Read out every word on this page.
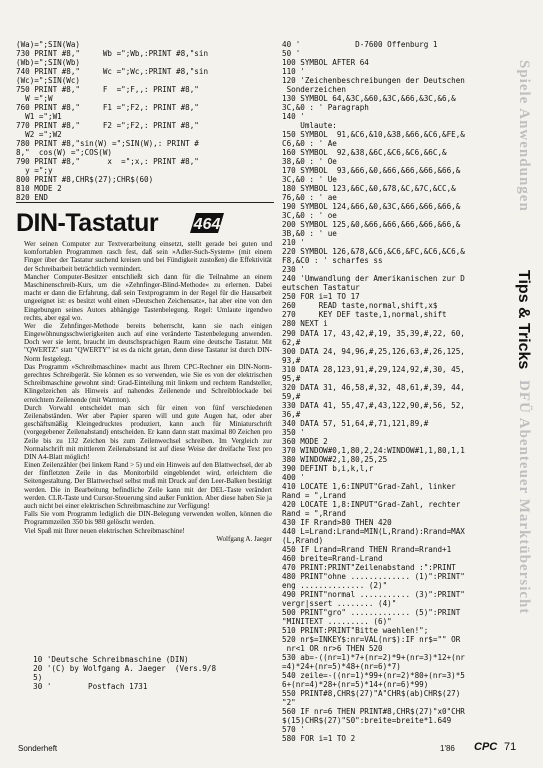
(Wa)=";SIN(Wa)
730 PRINT #8,"     Wb =";Wb,:PRINT #8,"sin
(Wb)=";SIN(Wb)
740 PRINT #8,"     Wc =";Wc,:PRINT #8,"sin
(Wc)=";SIN(Wc)
750 PRINT #8,"     F  =";F,,: PRINT #8,"
W =";W
760 PRINT #8,"     F1 =";F2,: PRINT #8,"
W1 =";W1
770 PRINT #8,"     F2 =";F2,: PRINT #8,"
W2 =";W2
780 PRINT #8,"sin(W) =";SIN(W),: PRINT #
8,"  cos(W) =";COS(W)
790 PRINT #8,"      x  =";x,: PRINT #8,"
y =";y
800 PRINT #8,CHR$(27);CHR$(60)
810 MODE 2
820 END
DIN-Tastatur 464

Wer seinen Computer zur Textverarbeitung einsetzt, stellt gerade bei guten und komfortablen Programmen rasch fest, daß sein »Adler-Such-System« (mit einem Finger über der Tastatur suchend kreisen und bei Fündigkeit zustoßen) die Effektivität der Schreibarbeit beträchtlich vermindert.

Mancher Computer-Besitzer entschließt sich dann für die Teilnahme an einem Maschinenschreib-Kurs, um die »Zehnfinger-Blind-Methode« zu erlernen. Dabei macht er dann die Erfahrung, daß sein Textprogramm in der Regel für die Hausarbeit ungeeignet ist: es besitzt wohl einen »Deutschen Zeichensatz«, hat aber eine von den Eingebungen seines Autors abhängige Tastenbelegung. Regel: Umlaute irgendwo rechts, aber egal wo.

Wer die Zehnfinger-Methode bereits beherrscht, kann sie nach einigen Eingewöhnungsschwierigkeiten auch auf eine veränderte Tastenbelegung anwenden. Doch wer sie lernt, braucht im deutschsprachigen Raum eine deutsche Tastatur. Mit "QWERTZ" statt "QWERTY" ist es da nicht getan, denn diese Tastatur ist durch DIN-Norm festgelegt.

Das Programm »Schreibmaschine« macht aus Ihrem CPC-Rechner ein DIN-Norm-gerechtes Schreibgerät. Sie können es so verwenden, wie Sie es von der elektrischen Schreibmaschine gewohnt sind: Grad-Einteilung mit linkem und rechtem Randsteller, Klingelzeichen als Hinweis auf nahendes Zeilenende und Schreibblockade bei erreichtem Zeilenende (mit Warnton).

Durch Vorwahl entscheidet man sich für einen von fünf verschiedenen Zeilenabständen. Wer aber Papier sparen will und gute Augen hat, oder aber geschäftsmäßig Kleingedrucktes produziert, kann auch für Miniaturschrift (vorgegebener Zeilenabstand) entscheiden. Er kann dann statt maximal 80 Zeichen pro Zeile bis zu 132 Zeichen bis zum Zeilenwechsel schreiben. Im Vergleich zur Normalschrift mit mittlerem Zeilenabstand ist auf diese Weise der dreifache Text pro DIN A4-Blatt möglich!

Einen Zeilenzähler (bei linkem Rand > 5) und ein Hinweis auf den Blattwechsel, der ab der fünfletzten Zeile in das Monitorbild eingeblendet wird, erleichtern die Seitengestaltung. Der Blattwechsel selbst muß mit Druck auf den Leer-Balken bestätigt werden. Die in Bearbeitung befindliche Zeile kann mit der DEL-Taste verändert werden. CLR-Taste und Cursor-Steuerung sind außer Funktion. Aber diese haben Sie ja auch nicht bei einer elektrischen Schreibmaschine zur Verfügung!

Falls Sie vom Programm lediglich die DIN-Belegung verwenden wollen, können die Programmzeilen 350 bis 980 gelöscht werden.

Viel Spaß mit Ihrer neuen elektrischen Schreibmaschine!

Wolfgang A. Jaeger

10 'Deutsche Schreibmaschine (DIN)
20 '(C) by Wolfgang A. Jaeger  (Vers.9/8
5)
30 '        Postfach 1731
40 '            D-7600 Offenburg 1
50 '
100 SYMBOL AFTER 64
110 '
120 'Zeichenbeschreibungen der Deutschen
Sonderzeichen
130 SYMBOL 64,&3C,&60,&3C,&66,&3C,&6,&
3C,&0 : ' Paragraph
140 '
Umlaute:
150 SYMBOL  91,&C6,&10,&38,&66,&C6,&FE,&
C6,&0 : ' Ae
160 SYMBOL  92,&38,&6C,&C6,&C6,&6C,&
38,&0 : ' Oe
170 SYMBOL  93,&66,&0,&66,&66,&66,&66,&
3C,&0 : ' Ue
180 SYMBOL 123,&6C,&0,&78,&C,&7C,&CC,&
76,&0 : ' ae
190 SYMBOL 124,&66,&0,&3C,&66,&66,&66,&
3C,&0 : ' oe
200 SYMBOL 125,&0,&66,&66,&66,&66,&66,&
3B,&0 : ' ue
210 '
220 SYMBOL 126,&78,&C6,&C6,&FC,&C6,&C6,&
F8,&C0 : ' scharfes ss
230 '
240 'Umwandlung der Amerikanischen zur D
eutschen Tastatur
250 FOR i=1 TO 17
260     READ taste,normal,shift,x$
270     KEY DEF taste,1,normal,shift
280 NEXT i
290 DATA 17, 43,42,#,19, 35,39,#,22, 60,
62,#
300 DATA 24, 94,96,#,25,126,63,#,26,125,
93,#
310 DATA 28,123,91,#,29,124,92,#,30, 45,
95,#
320 DATA 31, 46,58,#,32, 48,61,#,39, 44,
59,#
330 DATA 41, 55,47,#,43,122,90,#,56, 52,
36,#
340 DATA 57, 51,64,#,71,121,89,#
350 '
360 MODE 2
370 WINDOW#0,1,80,2,24:WINDOW#1,1,80,1,1
380 WINDOW#2,1,80,25,25
390 DEFINT b,i,k,l,r
400 '
410 LOCATE 1,6:INPUT"Grad-Zahl, linker
Rand = ",Lrand
420 LOCATE 1,8:INPUT"Grad-Zahl, rechter
Rand = ",Rrand
430 IF Rrand>80 THEN 420
440 L=Lrand:Lrand=MIN(L,Rrand):Rrand=MAX
(L,Rrand)
450 IF Lrand=Rrand THEN Rrand=Rrand+1
460 breite=Rrand-Lrand
470 PRINT:PRINT"Zeilenabstand :":PRINT
480 PRINT"ohne ............. (1)":PRINT"
eng .............. (2)"
490 PRINT"normal ........... (3)":PRINT"
vergr|ssert ........ (4)"
500 PRINT"gro" ............. (5)":PRINT
"MINITEXT ......... (6)"
510 PRINT:PRINT"Bitte waehlen!";
520 nr$=INKEY$:nr=VAL(nr$):IF nr$="" OR
nr<1 OR nr>6 THEN 520
530 ab=-((nr=1)*7+(nr=2)*9+(nr=3)*12+(nr
=4)*24+(nr=5)*48+(nr=6)*7)
540 zeile=-((nr=1)*99+(nr=2)*80+(nr=3)*5
6+(nr=4)*28+(nr=5)*14+(nr=6)*99)
550 PRINT#8,CHR$(27)"A"CHR$(ab)CHR$(27)
"2"
560 IF nr=6 THEN PRINT#8,CHR$(27)"x0"CHR
$(15)CHR$(27)"S0":breite=breite*1.649
570 '
580 FOR i=1 TO 2
Spiele Anwendungen
Tips & Tricks
DFÜ Abenteuer Marktübersicht
Sonderheft	1'86 CPC 71
